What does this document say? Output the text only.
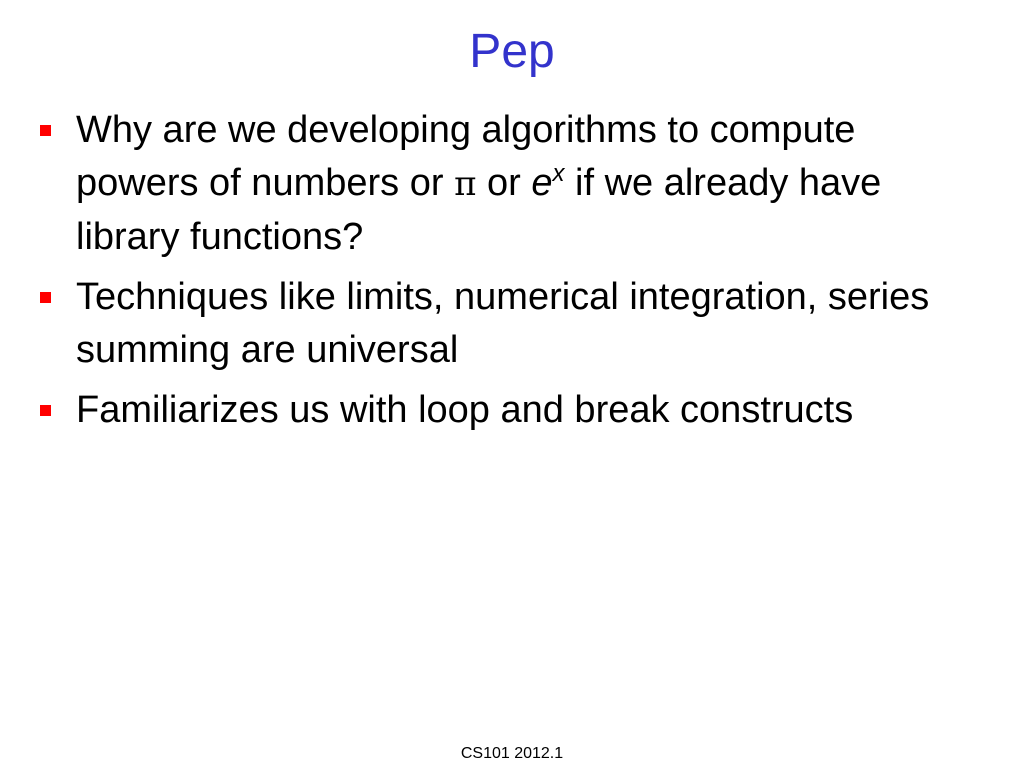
Pep
Why are we developing algorithms to compute powers of numbers or π or $e^x$ if we already have library functions?
Techniques like limits, numerical integration, series summing are universal
Familiarizes us with loop and break constructs
CS101 2012.1
